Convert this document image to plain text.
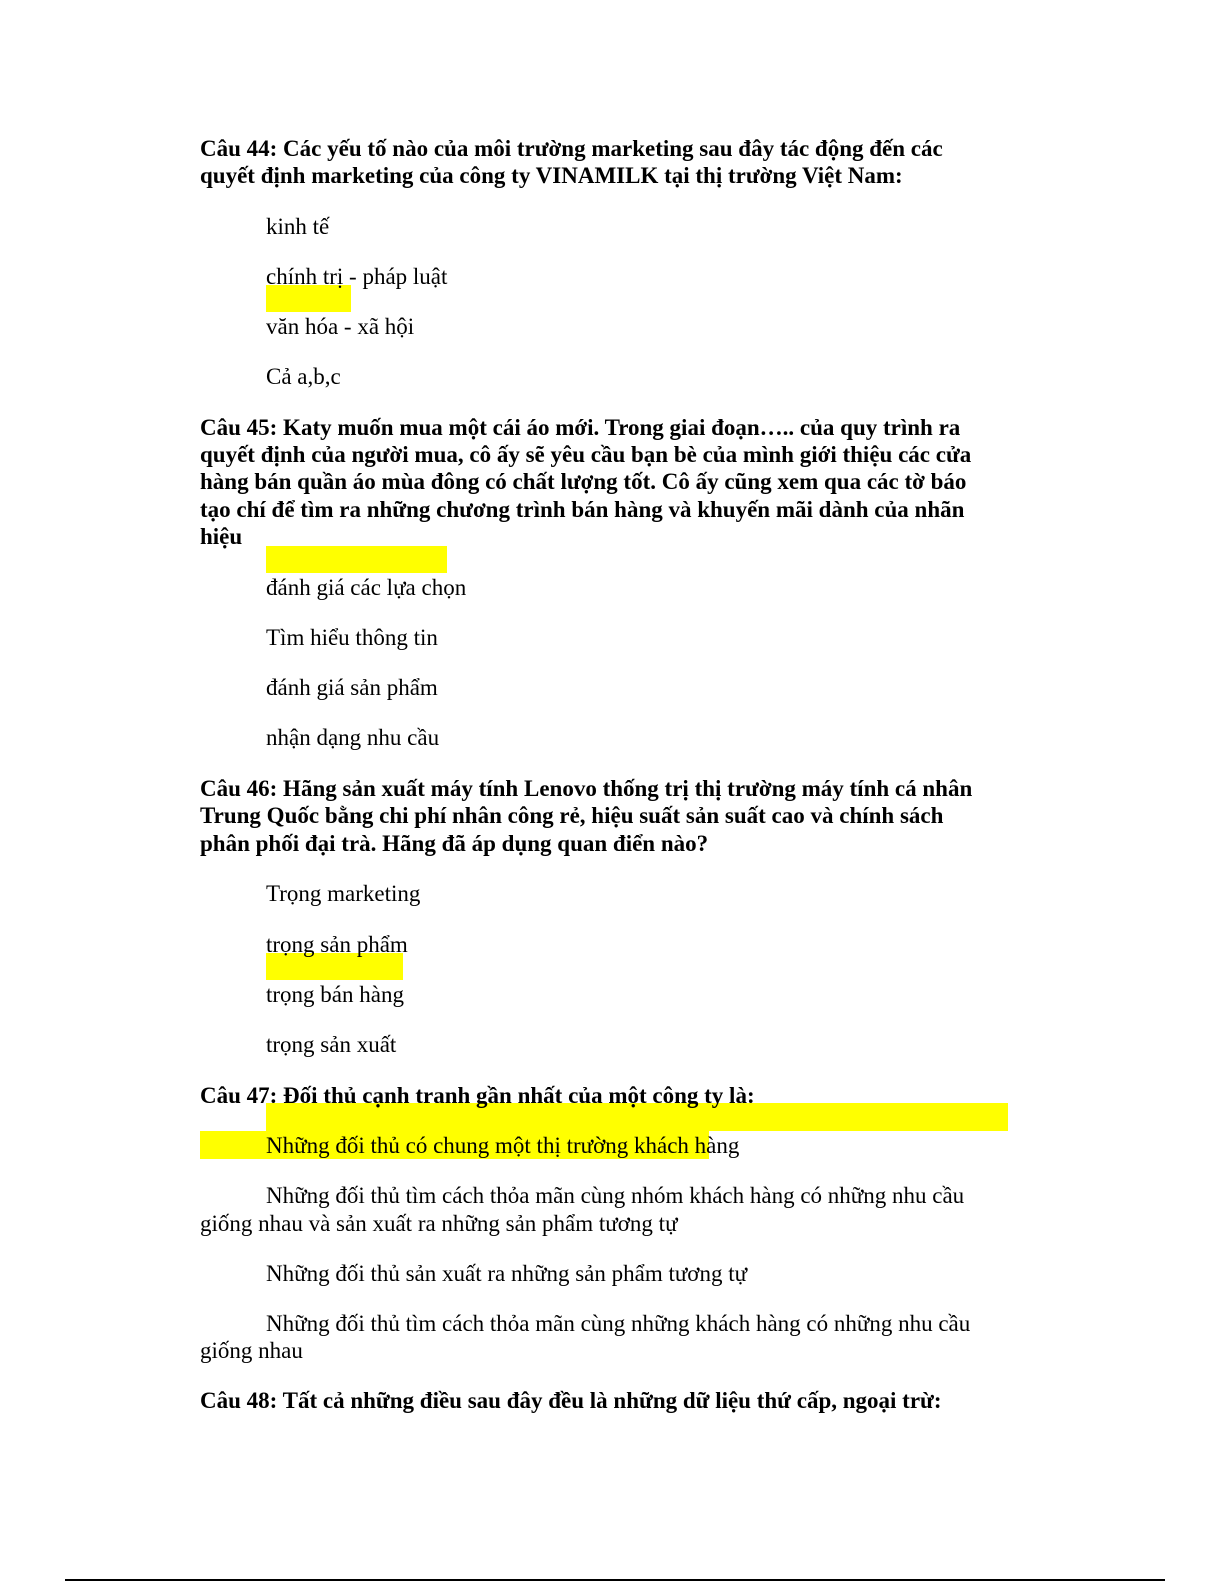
Câu 44: Các yếu tố nào của môi trường marketing sau đây tác động đến các
quyết định marketing của công ty VINAMILK tại thị trường Việt Nam:
kinh tế
chính trị - pháp luật
văn hóa - xã hội
Cả a,b,c
Câu 45: Katy muốn mua một cái áo mới. Trong giai đoạn….. của quy trình ra
quyết định của người mua, cô ấy sẽ yêu cầu bạn bè của mình giới thiệu các cửa
hàng bán quần áo mùa đông có chất lượng tốt. Cô ấy cũng xem qua các tờ báo
tạo chí để tìm ra những chương trình bán hàng và khuyến mãi dành của nhãn
hiệu
đánh giá các lựa chọn
Tìm hiểu thông tin
đánh giá sản phẩm
nhận dạng nhu cầu
Câu 46: Hãng sản xuất máy tính Lenovo thống trị thị trường máy tính cá nhân
Trung Quốc bằng chi phí nhân công rẻ, hiệu suất sản suất cao và chính sách
phân phối đại trà. Hãng đã áp dụng quan điển nào?
Trọng marketing
trọng sản phẩm
trọng bán hàng
trọng sản xuất
Câu 47: Đối thủ cạnh tranh gần nhất của một công ty là:
Những đối thủ có chung một thị trường khách hàng
Những đối thủ tìm cách thỏa mãn cùng nhóm khách hàng có những nhu cầu
giống nhau và sản xuất ra những sản phẩm tương tự
Những đối thủ sản xuất ra những sản phẩm tương tự
Những đối thủ tìm cách thỏa mãn cùng những khách hàng có những nhu cầu
giống nhau
Câu 48: Tất cả những điều sau đây đều là những dữ liệu thứ cấp, ngoại trừ:
